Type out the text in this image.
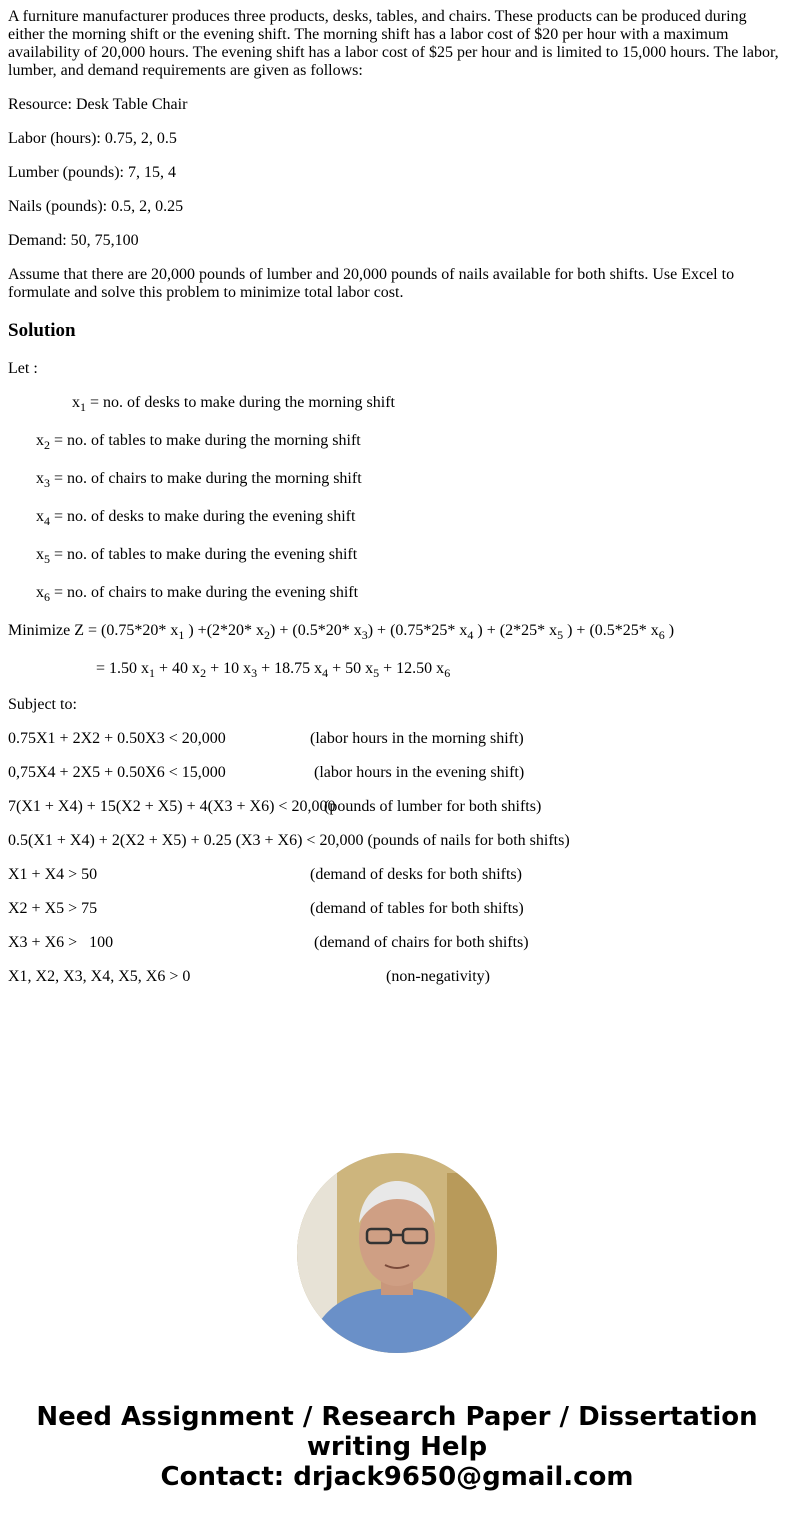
A furniture manufacturer produces three products, desks, tables, and chairs. These products can be produced during either the morning shift or the evening shift. The morning shift has a labor cost of $20 per hour with a maximum availability of 20,000 hours. The evening shift has a labor cost of $25 per hour and is limited to 15,000 hours. The labor, lumber, and demand requirements are given as follows:

Resource: Desk Table Chair

Labor (hours): 0.75, 2, 0.5

Lumber (pounds): 7, 15, 4

Nails (pounds): 0.5, 2, 0.25

Demand: 50, 75,100

Assume that there are 20,000 pounds of lumber and 20,000 pounds of nails available for both shifts. Use Excel to formulate and solve this problem to minimize total labor cost.

Solution

Let :

$x_1$ = no. of desks to make during the morning shift

$x_2$ = no. of tables to make during the morning shift

$x_3$ = no. of chairs to make during the morning shift

$x_4$ = no. of desks to make during the evening shift

$x_5$ = no. of tables to make during the evening shift

$x_6$ = no. of chairs to make during the evening shift

Minimize Z = (0.75*20* $x_1$ ) +(2*20* $x_2) + (0.5*20*$ $x_3) + (0.75*25*$ $x_4$ ) + (2*25* $x_5$ ) + (0.5*25* $x_6$ )

= 1.50 $x_1 + 40$ $x_2 + 10$ $x_3 + 18.75$ $x_4 + 50$ $x_5 + 12.50$ $x_6$

Subject to:

0.75X1 + 2X2 + 0.50X3 < 20,000	(labor hours in the morning shift)
0,75X4 + 2X5 + 0.50X6 < 15,000	(labor hours in the evening shift)
7(X1 + X4) + 15(X2 + X5) + 4(X3 + X6) < 20,000
(pounds of lumber for both shifts)
0.5(X1 + X4) + 2(X2 + X5) + 0.25 (X3 + X6) < 20,000 (pounds of nails for both shifts)
X1 + X4 > 50	(demand of desks for both shifts)
X2 + X5 > 75	(demand of tables for both shifts)
X3 + X6 >   100	(demand of chairs for both shifts)
X1, X2, X3, X4, X5, X6 > 0	(non-negativity)
Need Assignment / Research Paper / Dissertation writing Help
Contact: drjack9650@gmail.com
